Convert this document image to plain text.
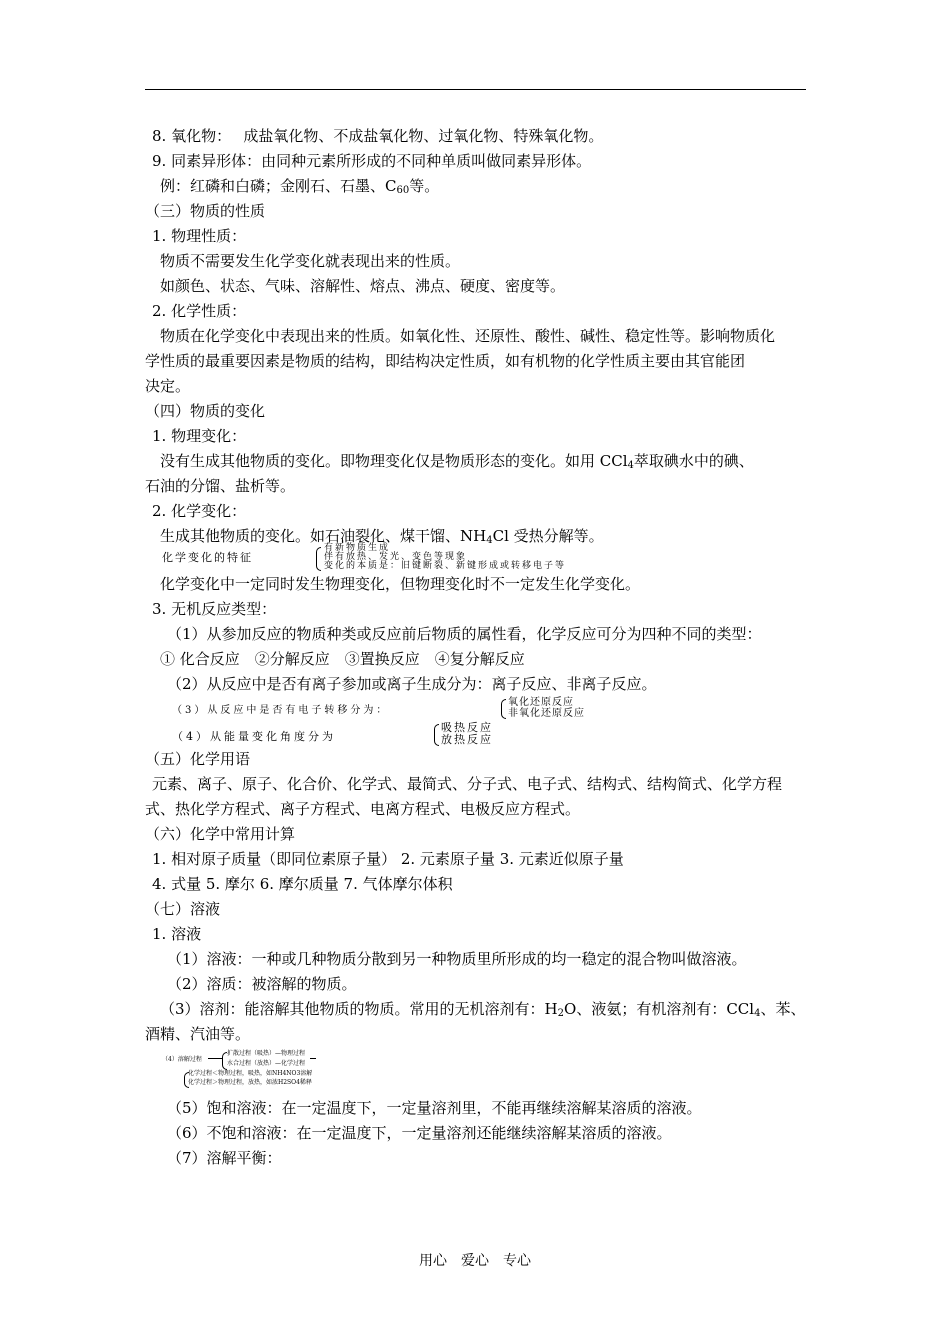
8. 氧化物：　 成盐氧化物、不成盐氧化物、过氧化物、特殊氧化物。
9. 同素异形体：由同种元素所形成的不同种单质叫做同素异形体。
例：红磷和白磷；金刚石、石墨、$C_{60}$等。
（三）物质的性质
1. 物理性质：
物质不需要发生化学变化就表现出来的性质。
如颜色、状态、气味、溶解性、熔点、沸点、硬度、密度等。
2. 化学性质：
物质在化学变化中表现出来的性质。如氧化性、还原性、酸性、碱性、稳定性等。影响物质化
学性质的最重要因素是物质的结构，即结构决定性质，如有机物的化学性质主要由其官能团
决定。
（四）物质的变化
1. 物理变化：
没有生成其他物质的变化。即物理变化仅是物质形态的变化。如用 CCl$_4$萃取碘水中的碘、
石油的分馏、盐析等。
2. 化学变化：
生成其他物质的变化。如石油裂化、煤干馏、$NH_4Cl$ 受热分解等。
化学变化的特征
有新物质生成
伴有放热、发光、变色等现象
变化的本质是：旧键断裂、新键形成或转移电子等
化学变化中一定同时发生物理变化，但物理变化时不一定发生化学变化。
3. 无机反应类型：
（1）从参加反应的物质种类或反应前后物质的属性看，化学反应可分为四种不同的类型：
① 化合反应　②分解反应　③置换反应　④复分解反应
（2）从反应中是否有离子参加或离子生成分为：离子反应、非离子反应。
（3）从反应中是否有电子转移分为：
氧化还原反应
非氧化还原反应
（4）从能量变化角度分为
吸热反应
放热反应
（五）化学用语
元素、离子、原子、化合价、化学式、最简式、分子式、电子式、结构式、结构简式、化学方程
式、热化学方程式、离子方程式、电离方程式、电极反应方程式。
（六）化学中常用计算
1. 相对原子质量（即同位素原子量） 2. 元素原子量 3. 元素近似原子量
4. 式量 5. 摩尔 6. 摩尔质量 7. 气体摩尔体积
（七）溶液
1. 溶液
（1）溶液：一种或几种物质分散到另一种物质里所形成的均一稳定的混合物叫做溶液。
（2）溶质：被溶解的物质。
（3）溶剂：能溶解其他物质的物质。常用的无机溶剂有：$H_2O$、液氨；有机溶剂有：CCl$_4$、苯、
酒精、汽油等。
（4）溶解过程
扩散过程（吸热）—物理过程
水合过程（放热）—化学过程
化学过程＜物理过程，吸热，如NH4NO3溶解
化学过程＞物理过程，放热，如浓H2SO4稀释
（5）饱和溶液：在一定温度下，一定量溶剂里，不能再继续溶解某溶质的溶液。
（6）不饱和溶液：在一定温度下，一定量溶剂还能继续溶解某溶质的溶液。
（7）溶解平衡：
用心　爱心　专心
